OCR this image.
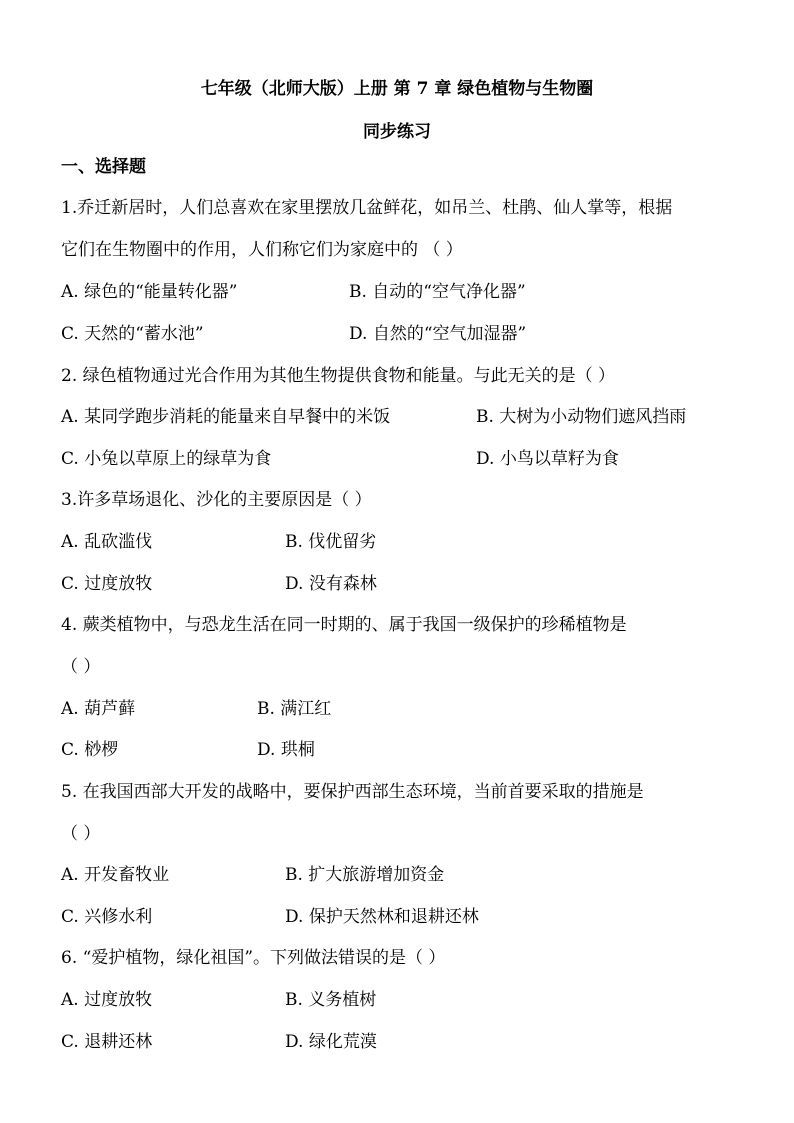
七年级（北师大版）上册 第 7 章 绿色植物与生物圈
同步练习
一、选择题
1.乔迁新居时，人们总喜欢在家里摆放几盆鲜花，如吊兰、杜鹃、仙人掌等，根据
它们在生物圈中的作用，人们称它们为家庭中的 （ ）
A. 绿色的“能量转化器”	B. 自动的“空气净化器”
C. 天然的“蓄水池”	D. 自然的“空气加湿器”
2. 绿色植物通过光合作用为其他生物提供食物和能量。与此无关的是（ ）
A. 某同学跑步消耗的能量来自早餐中的米饭	B. 大树为小动物们遮风挡雨
C. 小兔以草原上的绿草为食	D. 小鸟以草籽为食
3.许多草场退化、沙化的主要原因是（ ）
A. 乱砍滥伐	B. 伐优留劣
C. 过度放牧	D. 没有森林
4. 蕨类植物中，与恐龙生活在同一时期的、属于我国一级保护的珍稀植物是
（ ）
A. 葫芦藓	B. 满江红
C. 桫椤	D. 珙桐
5. 在我国西部大开发的战略中，要保护西部生态环境，当前首要采取的措施是
（ ）
A. 开发畜牧业	B. 扩大旅游增加资金
C. 兴修水利	D. 保护天然林和退耕还林
6. “爱护植物，绿化祖国”。下列做法错误的是（ ）
A. 过度放牧	B. 义务植树
C. 退耕还林	D. 绿化荒漠
